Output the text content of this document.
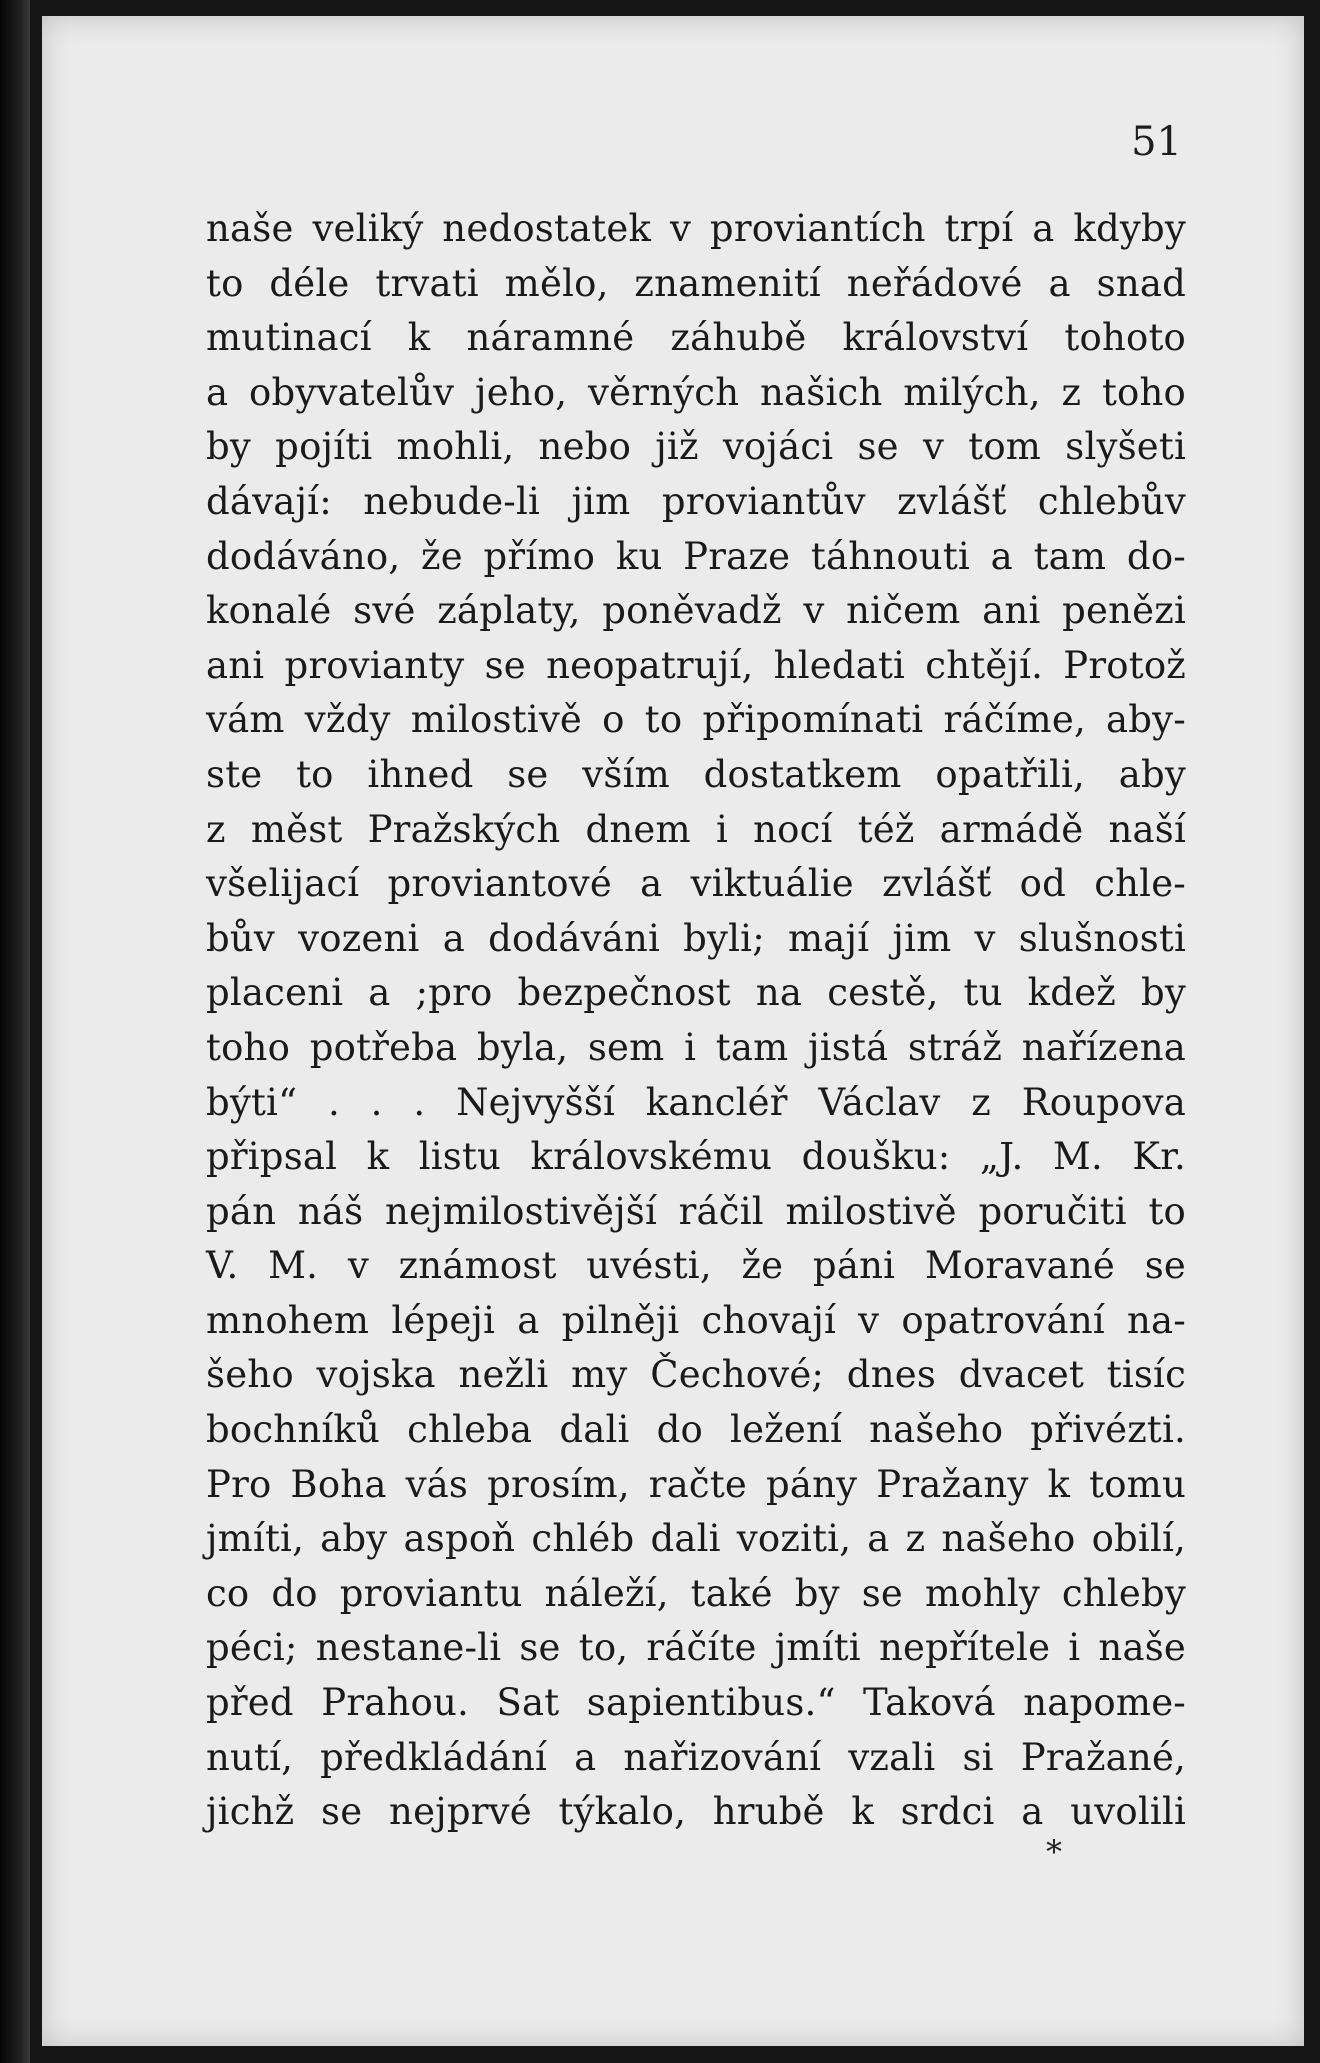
51
naše veliký nedostatek v proviantích trpí a kdyby
to déle trvati mělo, znamenití neřádové a snad
mutinací k náramné záhubě království tohoto
a obyvatelův jeho, věrných našich milých, z toho
by pojíti mohli, nebo již vojáci se v tom slyšeti
dávají: nebude-li jim proviantův zvlášť chlebův
dodáváno, že přímo ku Praze táhnouti a tam do-
konalé své záplaty, poněvadž v ničem ani penězi
ani provianty se neopatrují, hledati chtějí. Protož
vám vždy milostivě o to připomínati ráčíme, aby-
ste to ihned se vším dostatkem opatřili, aby
z měst Pražských dnem i nocí též armádě naší
všelijací proviantové a viktuálie zvlášť od chle-
bův vozeni a dodáváni byli; mají jim v slušnosti
placeni a ;pro bezpečnost na cestě, tu kdež by
toho potřeba byla, sem i tam jistá stráž nařízena
býti“ . . . Nejvyšší kancléř Václav z Roupova
připsal k listu královskému doušku: „J. M. Kr.
pán náš nejmilostivější ráčil milostivě poručiti to
V. M. v známost uvésti, že páni Moravané se
mnohem lépeji a pilněji chovají v opatrování na-
šeho vojska nežli my Čechové; dnes dvacet tisíc
bochníků chleba dali do ležení našeho přivézti.
Pro Boha vás prosím, račte pány Pražany k tomu
jmíti, aby aspoň chléb dali voziti, a z našeho obilí,
co do proviantu náleží, také by se mohly chleby
péci; nestane-li se to, ráčíte jmíti nepřítele i naše
před Prahou. Sat sapientibus.“ Taková napome-
nutí, předkládání a nařizování vzali si Pražané,
jichž se nejprvé týkalo, hrubě k srdci a uvolili
*
